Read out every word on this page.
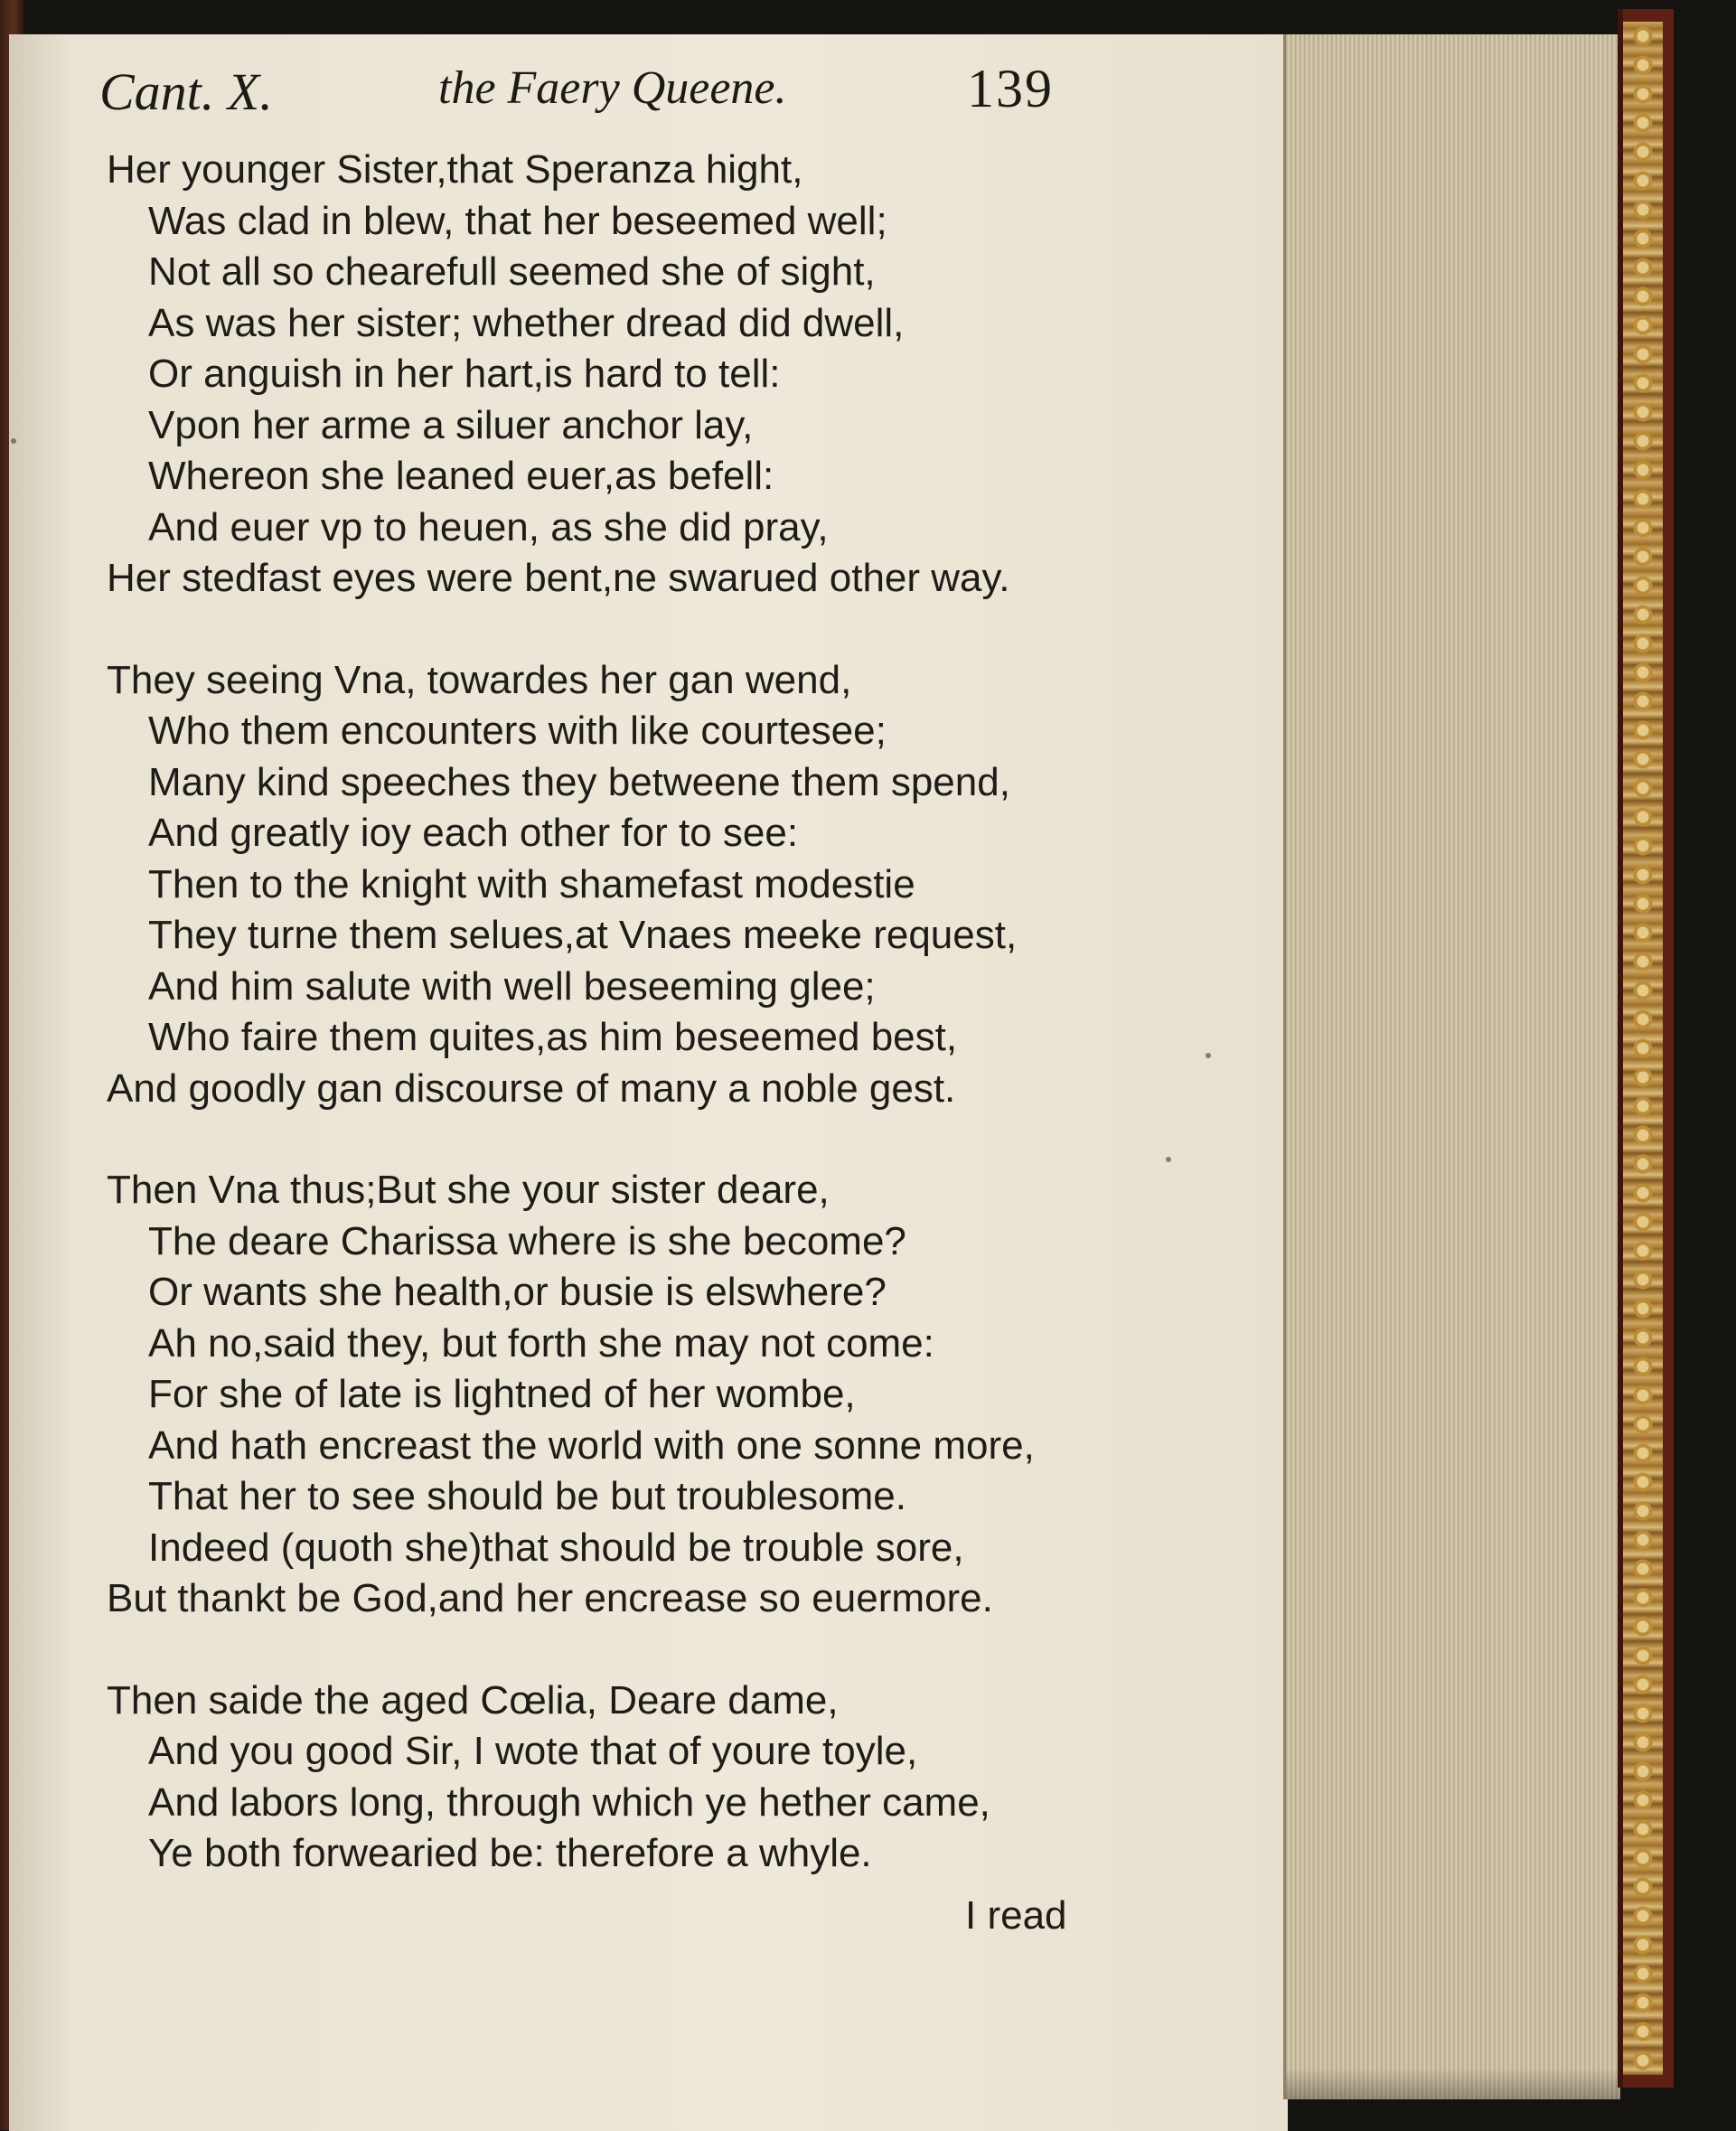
Cant. X.	the Faery Queene.	139
Her younger Sister,that Speranza hight,
Was clad in blew, that her beseemed well;
Not all so chearefull seemed she of sight,
As was her sister; whether dread did dwell,
Or anguish in her hart,is hard to tell:
Vpon her arme a siluer anchor lay,
Whereon she leaned euer,as befell:
And euer vp to heuen, as she did pray,
Her stedfast eyes were bent,ne swarued other way.
They seeing Vna, towardes her gan wend,
Who them encounters with like courtesee;
Many kind speeches they betweene them spend,
And greatly ioy each other for to see:
Then to the knight with shamefast modestie
They turne them selues,at Vnaes meeke request,
And him salute with well beseeming glee;
Who faire them quites,as him beseemed best,
And goodly gan discourse of many a noble gest.
Then Vna thus;But she your sister deare,
The deare Charissa where is she become?
Or wants she health,or busie is elswhere?
Ah no,said they, but forth she may not come:
For she of late is lightned of her wombe,
And hath encreast the world with one sonne more,
That her to see should be but troublesome.
Indeed (quoth she)that should be trouble sore,
But thankt be God,and her encrease so euermore.
Then saide the aged Cœlia, Deare dame,
And you good Sir, I wote that of youre toyle,
And labors long, through which ye hether came,
Ye both forwearied be: therefore a whyle.
I read
